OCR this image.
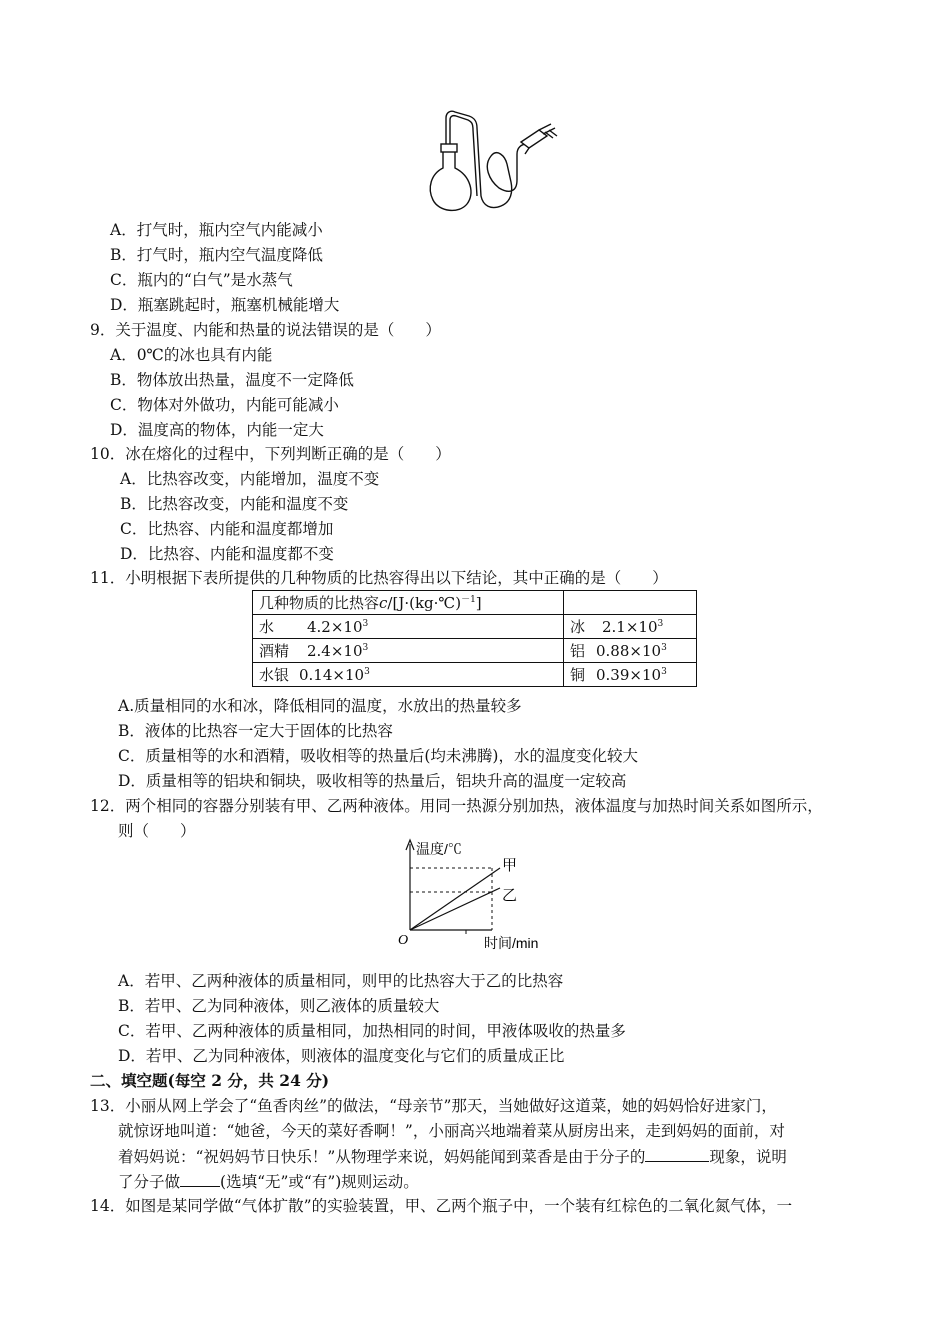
A．打气时，瓶内空气内能减小
B．打气时，瓶内空气温度降低
C．瓶内的“白气”是水蒸气
D．瓶塞跳起时，瓶塞机械能增大
9．关于温度、内能和热量的说法错误的是（　　）
A．0℃的冰也具有内能
B．物体放出热量，温度不一定降低
C．物体对外做功，内能可能减小
D．温度高的物体，内能一定大
10．冰在熔化的过程中，下列判断正确的是（　　）
A．比热容改变，内能增加，温度不变
B．比热容改变，内能和温度不变
C．比热容、内能和温度都增加
D．比热容、内能和温度都不变
11．小明根据下表所提供的几种物质的比热容得出以下结论，其中正确的是（　　）
几种物质的比热容c/[J·(kg·℃)$^{-1}$]	
水 $4.2\times 10^3$	冰 $2.1\times 10^3$
酒精 $2.4\times 10^3$	铝 $0.88\times 10^3$
水银 $0.14\times 10^3$	铜 $0.39\times 10^3$
A.质量相同的水和冰，降低相同的温度，水放出的热量较多
B．液体的比热容一定大于固体的比热容
C．质量相等的水和酒精，吸收相等的热量后(均未沸腾)，水的温度变化较大
D．质量相等的铝块和铜块，吸收相等的热量后，铝块升高的温度一定较高
12．两个相同的容器分别装有甲、乙两种液体。用同一热源分别加热，液体温度与加热时间关系如图所示，
则（　　）
温度/℃
时间/min
O
甲
乙
A．若甲、乙两种液体的质量相同，则甲的比热容大于乙的比热容
B．若甲、乙为同种液体，则乙液体的质量较大
C．若甲、乙两种液体的质量相同，加热相同的时间，甲液体吸收的热量多
D．若甲、乙为同种液体，则液体的温度变化与它们的质量成正比
二、填空题(每空 2 分，共 24 分)
13．小丽从网上学会了“鱼香肉丝”的做法，“母亲节”那天，当她做好这道菜，她的妈妈恰好进家门，
就惊讶地叫道：“她爸，今天的菜好香啊！”，小丽高兴地端着菜从厨房出来，走到妈妈的面前，对
着妈妈说：“祝妈妈节日快乐！”从物理学来说，妈妈能闻到菜香是由于分子的	现象，说明
了分子做	(选填“无”或“有”)规则运动。
14．如图是某同学做“气体扩散”的实验装置，甲、乙两个瓶子中，一个装有红棕色的二氧化氮气体，一
